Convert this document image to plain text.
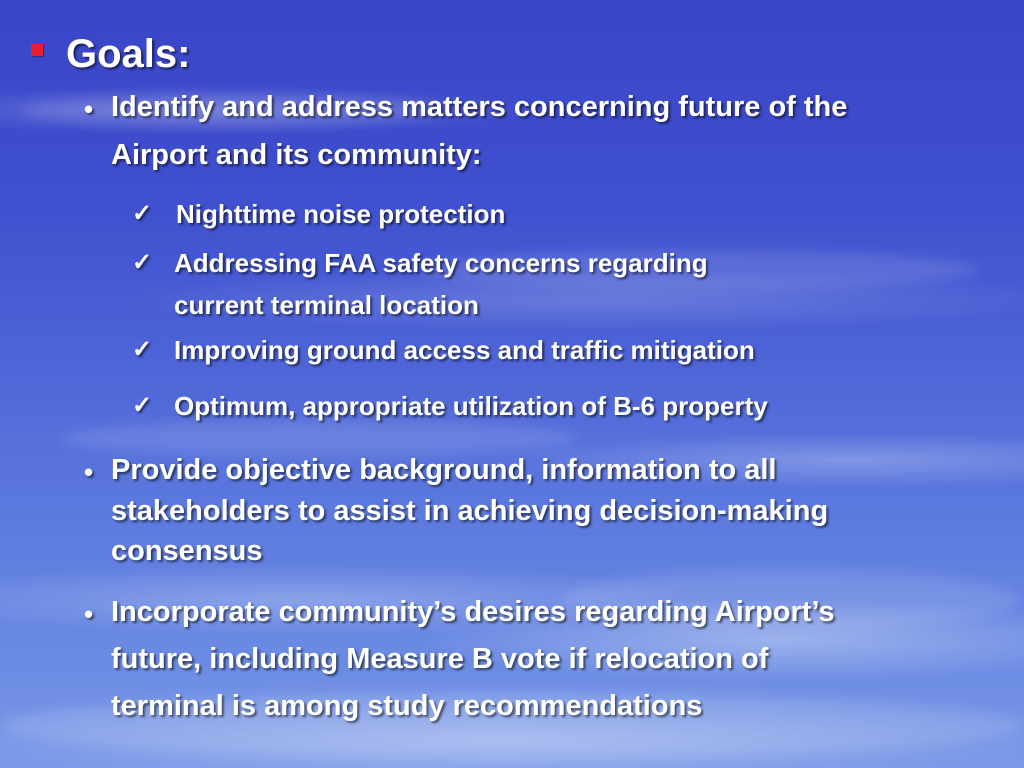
Goals:
• Identify and address matters concerning future of the
Airport and its community:
✓ Nighttime noise protection
✓ Addressing FAA safety concerns regarding
current terminal location
✓ Improving ground access and traffic mitigation
✓ Optimum, appropriate utilization of B-6 property
• Provide objective background, information to all
stakeholders to assist in achieving decision-making
consensus
• Incorporate community’s desires regarding Airport’s
future, including Measure B vote if relocation of
terminal is among study recommendations
